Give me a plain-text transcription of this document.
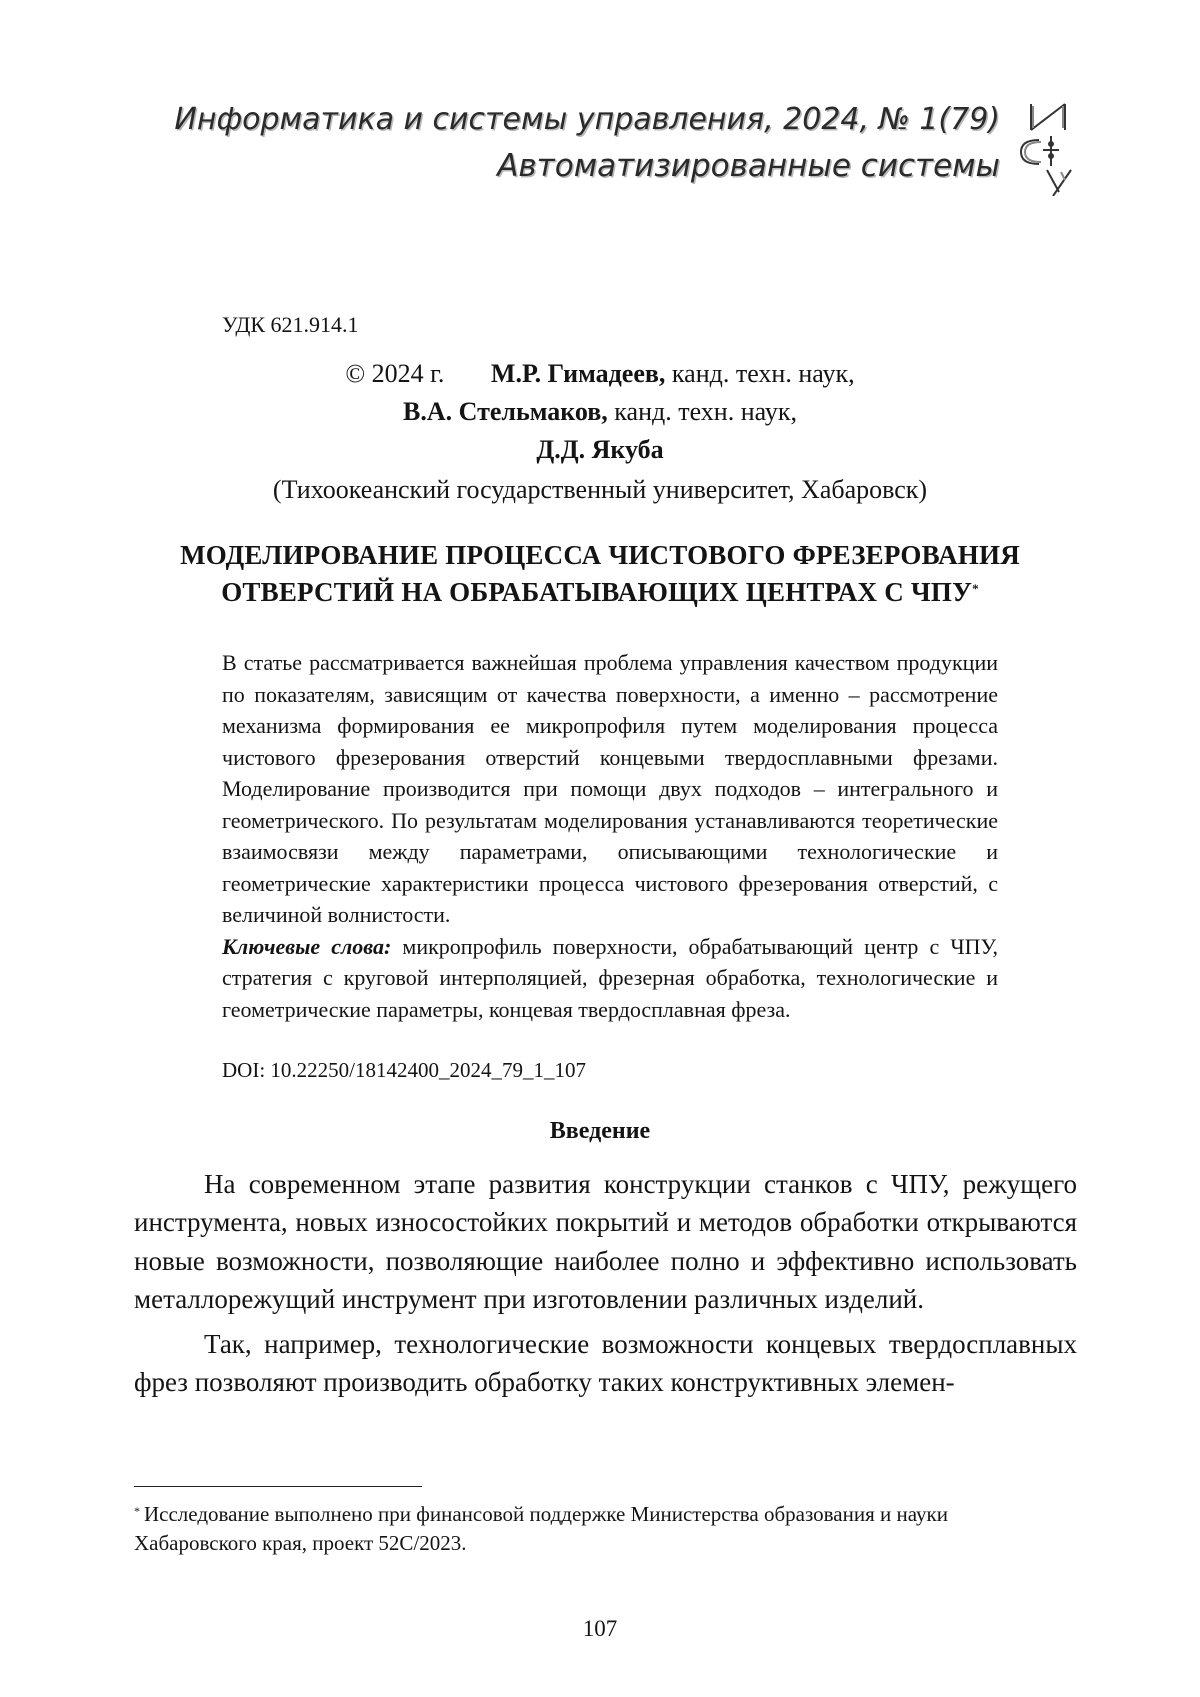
Информатика и системы управления, 2024, № 1(79)
Автоматизированные системы
УДК 621.914.1
© 2024 г. М.Р. Гимадеев, канд. техн. наук,
В.А. Стельмаков, канд. техн. наук,
Д.Д. Якуба
(Тихоокеанский государственный университет, Хабаровск)
МОДЕЛИРОВАНИЕ ПРОЦЕССА ЧИСТОВОГО ФРЕЗЕРОВАНИЯ
ОТВЕРСТИЙ НА ОБРАБАТЫВАЮЩИХ ЦЕНТРАХ С ЧПУ*

В статье рассматривается важнейшая проблема управления качеством продукции по показателям, зависящим от качества поверхности, а именно – рассмотрение механизма формирования ее микропрофиля путем моделирования процесса чистового фрезерования отверстий концевыми твердосплавными фрезами. Моделирование производится при помощи двух подходов – интегрального и геометрического. По результатам моделирования устанавливаются теоретические взаимосвязи между параметрами, описывающими технологические и геометрические характеристики процесса чистового фрезерования отверстий, с величиной волнистости.

Ключевые слова: микропрофиль поверхности, обрабатывающий центр с ЧПУ, стратегия с круговой интерполяцией, фрезерная обработка, технологические и геометрические параметры, концевая твердосплавная фреза.

DOI: 10.22250/18142400_2024_79_1_107
Введение

На современном этапе развития конструкции станков с ЧПУ, режущего инструмента, новых износостойких покрытий и методов обработки открываются новые возможности, позволяющие наиболее полно и эффективно использовать металлорежущий инструмент при изготовлении различных изделий.

Так, например, технологические возможности концевых твердосплавных фрез позволяют производить обработку таких конструктивных элемен-

* Исследование выполнено при финансовой поддержке Министерства образования и науки Хабаровского края, проект 52С/2023.
107
